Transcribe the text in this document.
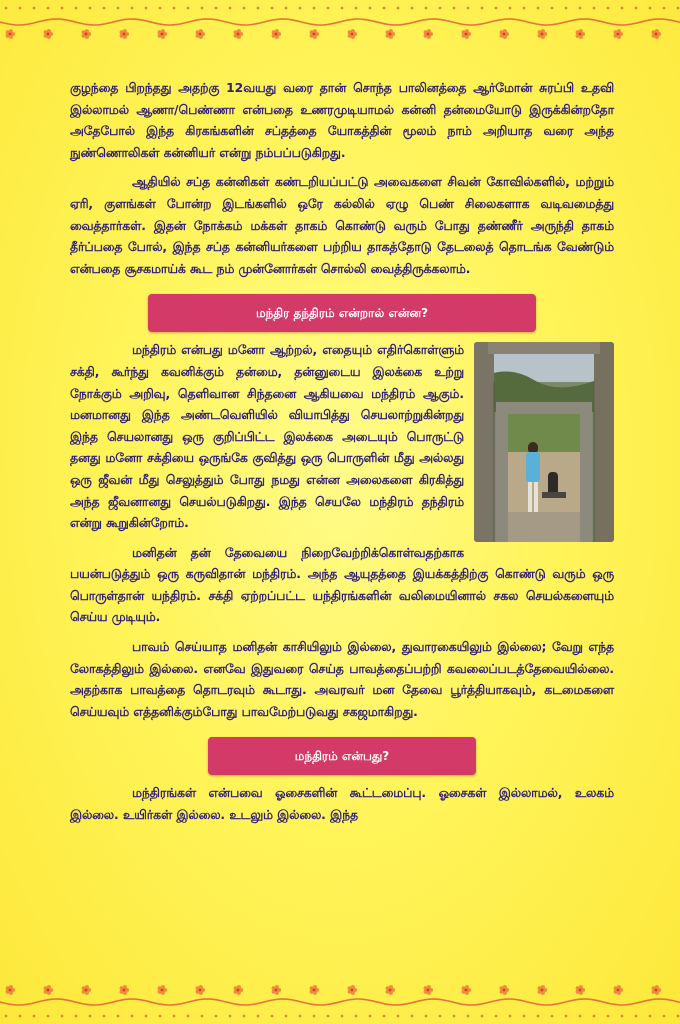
குழந்தை பிறந்தது அதற்கு 12வயது வரை தான் சொந்த பாலினத்தை ஆர்மோன் சுரப்பி உதவி இல்லாமல் ஆணா/பெண்ணா என்பதை உணரமுடியாமல் கன்னி தன்மையோடு இருக்கின்றதோ அதேபோல் இந்த கிரகங்களின் சப்தத்தை யோகத்தின் மூலம் நாம் அறியாத வரை அந்த நுண்ணொலிகள் கன்னியர் என்று நம்பப்படுகிறது.

ஆதியில் சப்த கன்னிகள் கண்டறியப்பட்டு அவைகளை சிவன் கோவில்களில், மற்றும் ஏரி, குளங்கள் போன்ற இடங்களில் ஒரே கல்லில் ஏழு பெண் சிலைகளாக வடிவமைத்து வைத்தார்கள். இதன் நோக்கம் மக்கள் தாகம் கொண்டு வரும் போது தண்ணீர் அருந்தி தாகம் தீர்ப்பதை போல், இந்த சப்த கன்னியர்களை பற்றிய தாகத்தோடு தேடலைத் தொடங்க வேண்டும் என்பதை சூசகமாய்க் கூட நம் முன்னோர்கள் சொல்லி வைத்திருக்கலாம்.

மந்திர தந்திரம் என்றால் என்ன?

மந்திரம் என்பது மனோ ஆற்றல், எதையும் எதிர்கொள்ளும் சக்தி, கூர்ந்து கவனிக்கும் தன்மை, தன்னுடைய இலக்கை உற்று நோக்கும் அறிவு, தெளிவான சிந்தனை ஆகியவை மந்திரம் ஆகும். மனமானது இந்த அண்டவெளியில் வியாபித்து செயலாற்றுகின்றது இந்த செயலானது ஒரு குறிப்பிட்ட இலக்கை அடையும் பொருட்டு தனது மனோ சக்தியை ஒருங்கே குவித்து ஒரு பொருளின் மீது அல்லது ஒரு ஜீவன் மீது செலுத்தும் போது நமது என்ன அலைகளை கிரகித்து அந்த ஜீவனானது செயல்படுகிறது. இந்த செயலே மந்திரம் தந்திரம் என்று கூறுகின்றோம்.

மனிதன் தன் தேவையை நிறைவேற்றிக்கொள்வதற்காக பயன்படுத்தும் ஒரு கருவிதான் மந்திரம். அந்த ஆயுதத்தை இயக்கத்திற்கு கொண்டு வரும் ஒரு பொருள்தான் யந்திரம். சக்தி ஏற்றப்பட்ட யந்திரங்களின் வலிமையினால் சகல செயல்களையும் செய்ய முடியும்.

பாவம் செய்யாத மனிதன் காசியிலும் இல்லை, துவாரகையிலும் இல்லை; வேறு எந்த லோகத்திலும் இல்லை. எனவே இதுவரை செய்த பாவத்தைப்பற்றி கவலைப்படத்தேவையில்லை. அதற்காக பாவத்தை தொடரவும் கூடாது. அவரவர் மன தேவை பூர்த்தியாகவும், கடமைகளை செய்யவும் எத்தனிக்கும்போது பாவமேற்படுவது சகஜமாகிறது.

மந்திரம் என்பது?

மந்திரங்கள் என்பவை ஓசைகளின் கூட்டமைப்பு. ஓசைகள் இல்லாமல், உலகம் இல்லை. உயிர்கள் இல்லை. உடலும் இல்லை. இந்த
